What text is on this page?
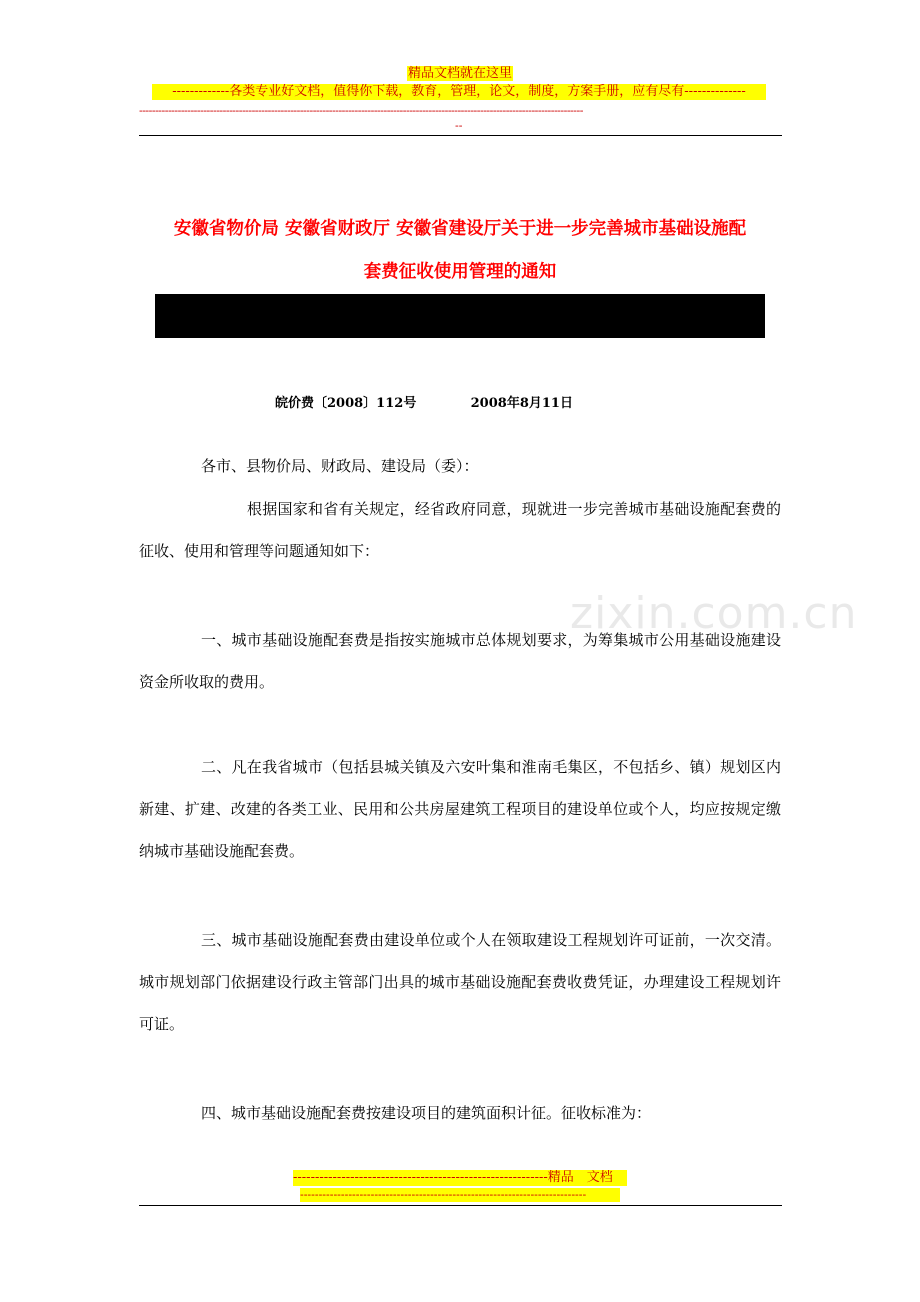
精品文档就在这里
-------------各类专业好文档，值得你下载，教育，管理，论文，制度，方案手册，应有尽有--------------
------------------------------------------------------------------------------------------------------------------------------------------
--
安徽省物价局 安徽省财政厅 安徽省建设厅关于进一步完善城市基础设施配
套费征收使用管理的通知
皖价费〔2008〕112号	2008年8月11日
zixin.com.cn
各市、县物价局、财政局、建设局（委）：
根据国家和省有关规定，经省政府同意，现就进一步完善城市基础设施配套费的征收、使用和管理等问题通知如下：
一、城市基础设施配套费是指按实施城市总体规划要求，为筹集城市公用基础设施建设资金所收取的费用。
二、凡在我省城市（包括县城关镇及六安叶集和淮南毛集区，不包括乡、镇）规划区内新建、扩建、改建的各类工业、民用和公共房屋建筑工程项目的建设单位或个人，均应按规定缴纳城市基础设施配套费。
三、城市基础设施配套费由建设单位或个人在领取建设工程规划许可证前，一次交清。城市规划部门依据建设行政主管部门出具的城市基础设施配套费收费凭证，办理建设工程规划许可证。
四、城市基础设施配套费按建设项目的建筑面积计征。征收标准为：
----------------------------------------------------------精品　文档
-----------------------------------------------------------------------------
